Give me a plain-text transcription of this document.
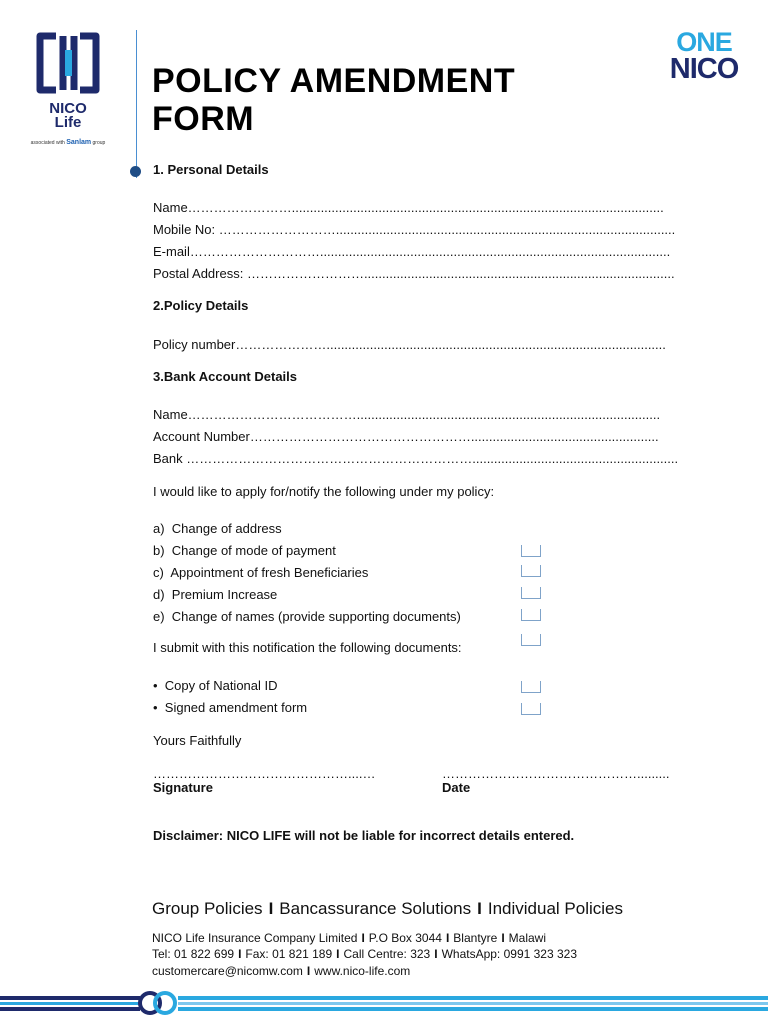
NICO
Life
associated with Sanlam group
POLICY AMENDMENT
FORM
ONE
NICO
1. Personal Details
Name…………………….......................................................................................................
Mobile No: ………………………..............................................................................................
E-mail………………………….................................................................................................
Postal Address: ………………………......................................................................................
2.Policy Details
Policy number…………………..............................................................................................
3.Bank Account Details
Name…………………………………....................................................................................
Account Number……………………………………………....................................................
Bank ………………………………………………………….........................................................
I would like to apply for/notify the following under my policy:
a) Change of address
b) Change of mode of payment
c) Appointment of fresh Beneficiaries
d) Premium Increase
e) Change of names (provide supporting documents)
I submit with this notification the following documents:
•  Copy of National ID
•  Signed amendment form
Yours Faithfully
………………………………………....…	……………………………………….........
Signature	Date
Disclaimer: NICO LIFE will not be liable for incorrect details entered.
Group Policies I Bancassurance Solutions I Individual Policies
NICO Life Insurance Company Limited I P.O Box 3044 I Blantyre I Malawi
Tel: 01 822 699 I Fax: 01 821 189 I Call Centre: 323 I WhatsApp: 0991 323 323
customercare@nicomw.com I www.nico-life.com
